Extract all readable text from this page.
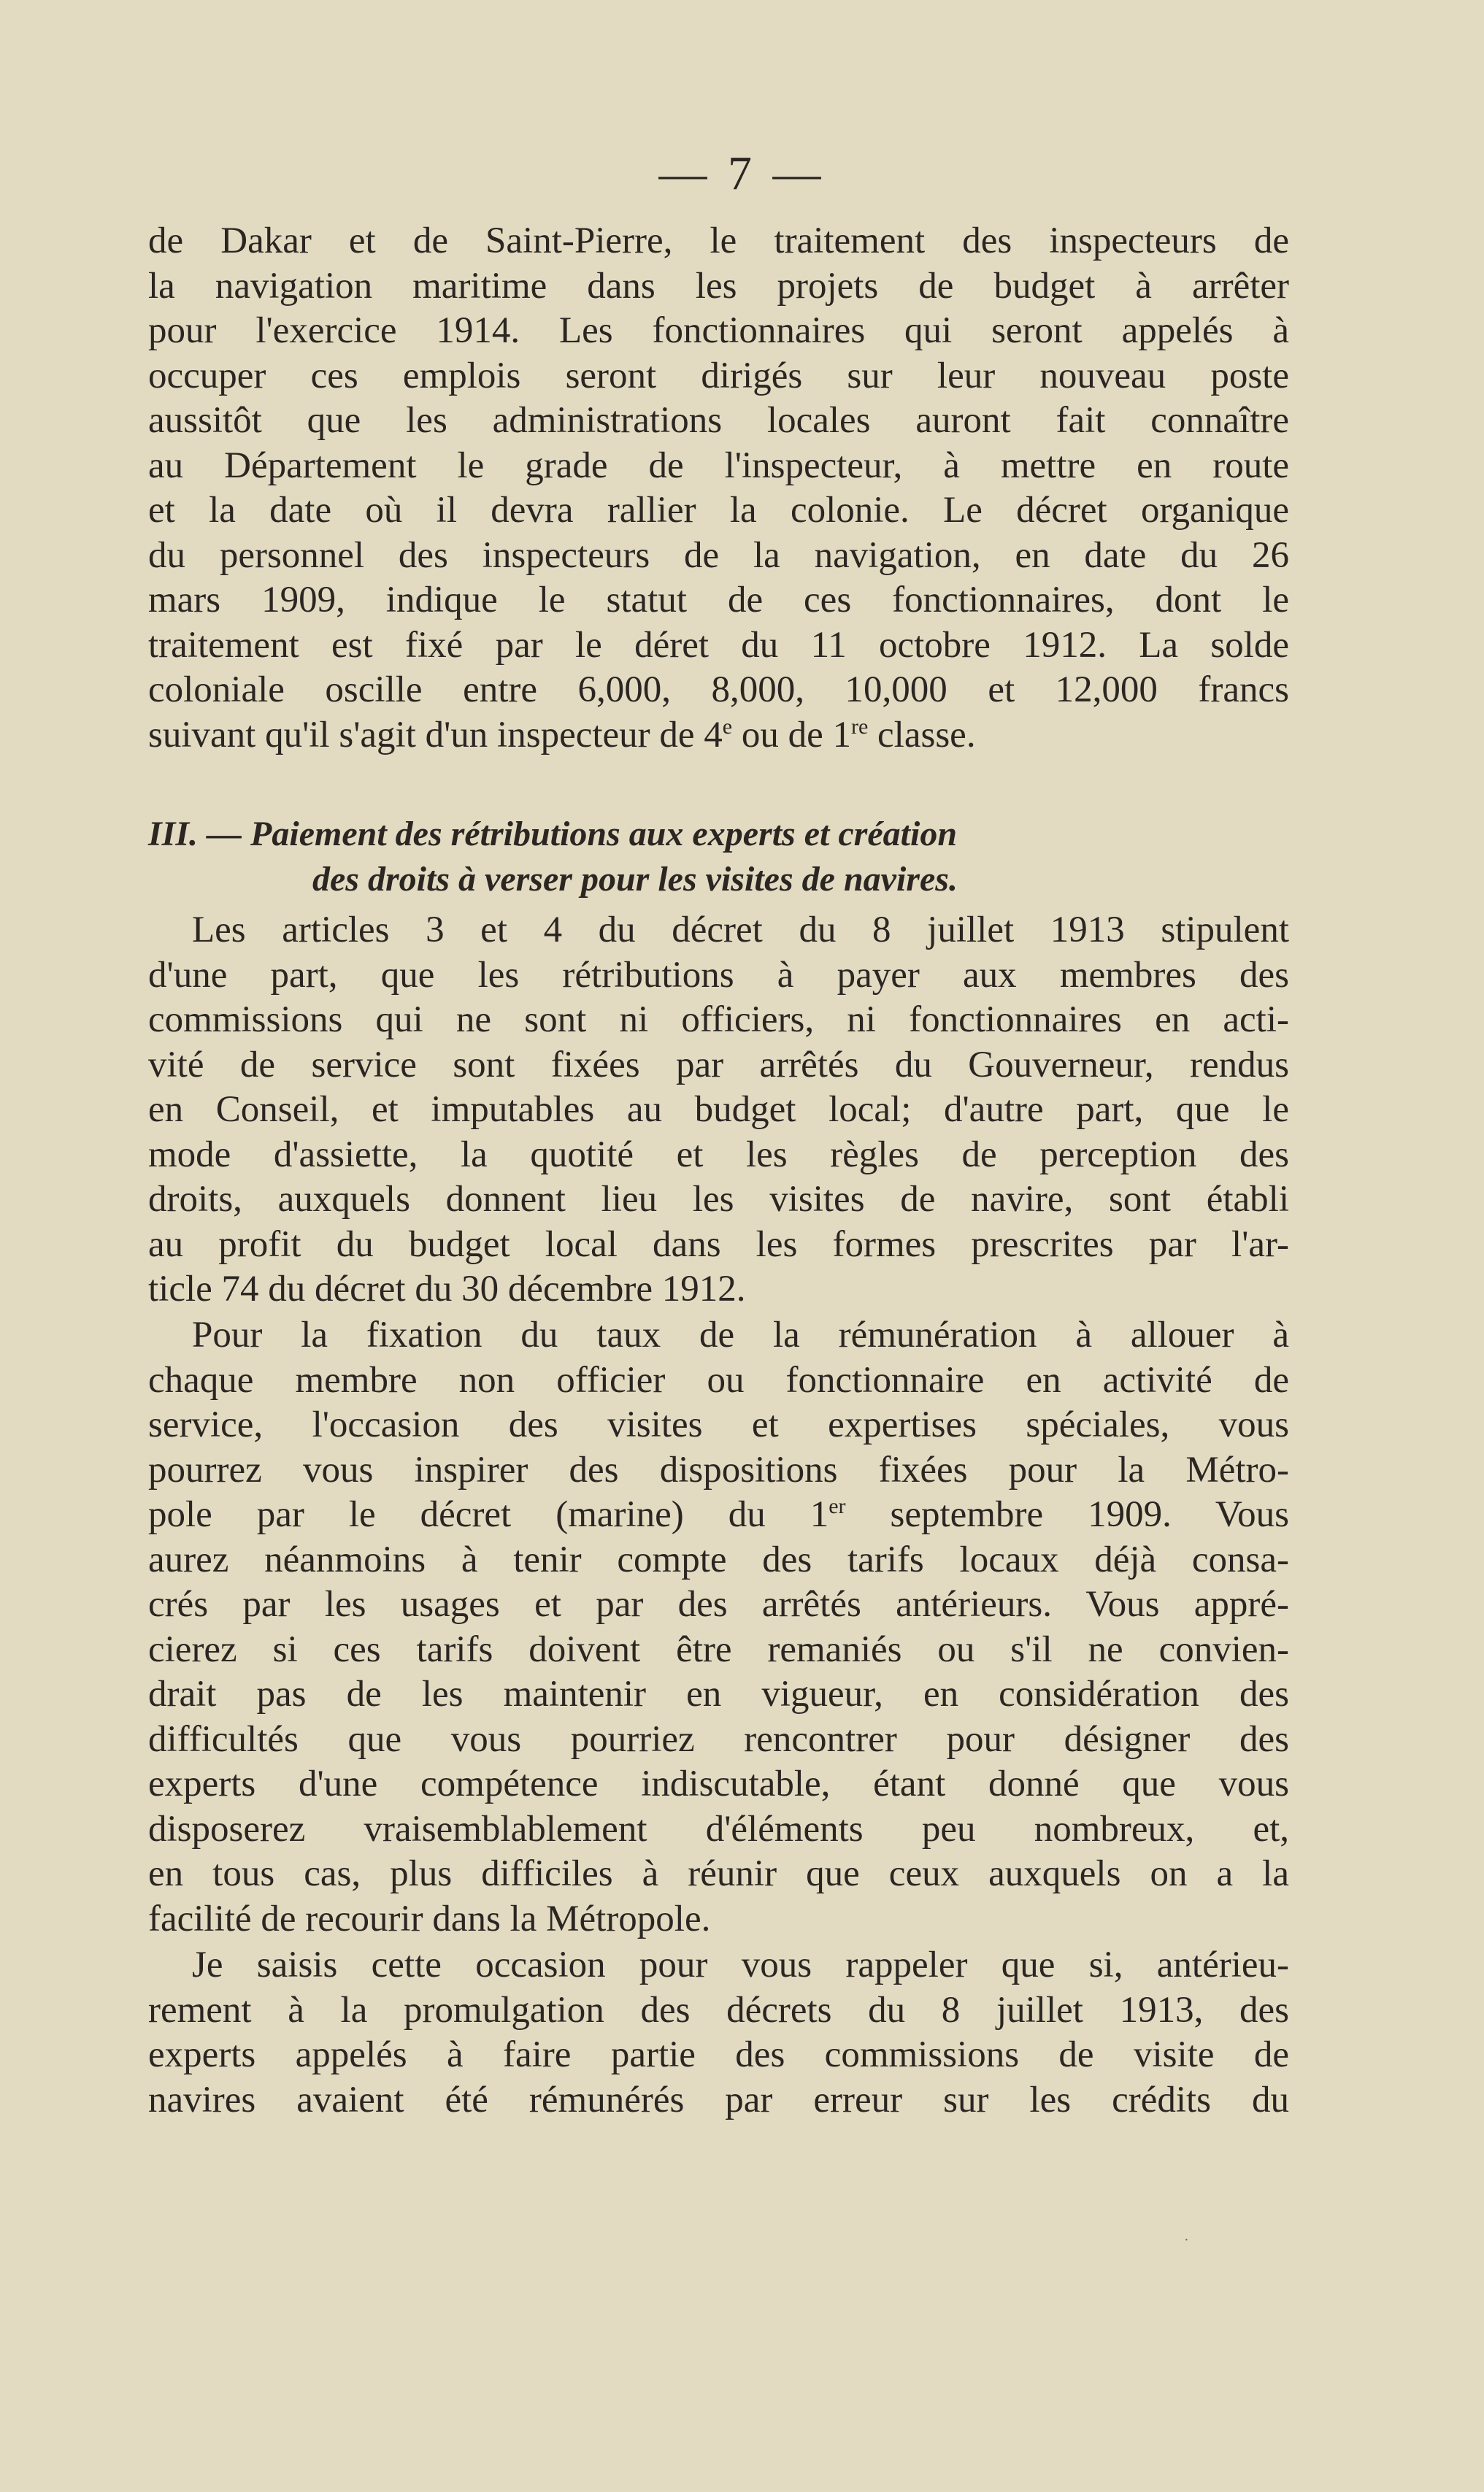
— 7 —
de Dakar et de Saint-Pierre, le traitement des inspecteurs de
la navigation maritime dans les projets de budget à arrêter
pour l'exercice 1914. Les fonctionnaires qui seront appelés à
occuper ces emplois seront dirigés sur leur nouveau poste
aussitôt que les administrations locales auront fait connaître
au Département le grade de l'inspecteur, à mettre en route
et la date où il devra rallier la colonie. Le décret organique
du personnel des inspecteurs de la navigation, en date du 26
mars 1909, indique le statut de ces fonctionnaires, dont le
traitement est fixé par le déret du 11 octobre 1912. La solde
coloniale oscille entre 6,000, 8,000, 10,000 et 12,000 francs
suivant qu'il s'agit d'un inspecteur de 4e ou de 1re classe.
III. — Paiement des rétributions aux experts et création
des droits à verser pour les visites de navires.
Les articles 3 et 4 du décret du 8 juillet 1913 stipulent
d'une part, que les rétributions à payer aux membres des
commissions qui ne sont ni officiers, ni fonctionnaires en acti-
vité de service sont fixées par arrêtés du Gouverneur, rendus
en Conseil, et imputables au budget local; d'autre part, que le
mode d'assiette, la quotité et les règles de perception des
droits, auxquels donnent lieu les visites de navire, sont établi
au profit du budget local dans les formes prescrites par l'ar-
ticle 74 du décret du 30 décembre 1912.
Pour la fixation du taux de la rémunération à allouer à
chaque membre non officier ou fonctionnaire en activité de
service, l'occasion des visites et expertises spéciales, vous
pourrez vous inspirer des dispositions fixées pour la Métro-
pole par le décret (marine) du 1er septembre 1909. Vous
aurez néanmoins à tenir compte des tarifs locaux déjà consa-
crés par les usages et par des arrêtés antérieurs. Vous appré-
cierez si ces tarifs doivent être remaniés ou s'il ne convien-
drait pas de les maintenir en vigueur, en considération des
difficultés que vous pourriez rencontrer pour désigner des
experts d'une compétence indiscutable, étant donné que vous
disposerez vraisemblablement d'éléments peu nombreux, et,
en tous cas, plus difficiles à réunir que ceux auxquels on a la
facilité de recourir dans la Métropole.
Je saisis cette occasion pour vous rappeler que si, antérieu-
rement à la promulgation des décrets du 8 juillet 1913, des
experts appelés à faire partie des commissions de visite de
navires avaient été rémunérés par erreur sur les crédits du
·
